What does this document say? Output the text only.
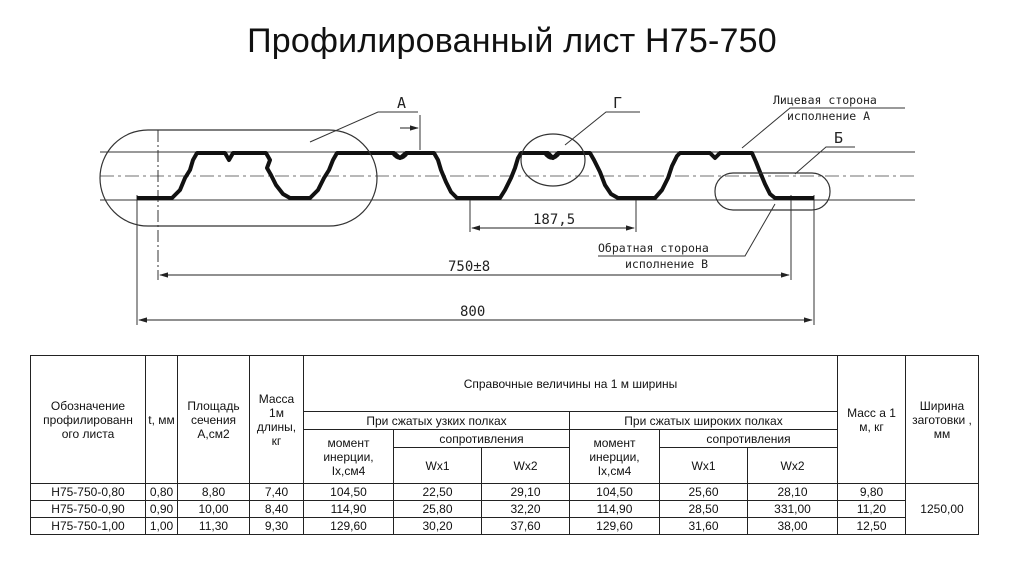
Профилированный лист Н75-750
А	Г
Б
Лицевая сторона
исполнение А
Обратная сторона
исполнение В
187,5
750±8
800
Обозначение профилированн ого листа	t, мм	Площадь сечения А,см2	Масса 1м длины, кг	Справочные величины на 1 м ширины						Масс а 1 м, кг	Ширина заготовки , мм
				При сжатых узких полках			При сжатых широких полках				
				момент инерции, Ix,см4	сопротивления		момент инерции, Ix,см4	сопротивления			
					Wx1	Wx2		Wx1	Wx2		
Н75-750-0,80	0,80	8,80	7,40	104,50	22,50	29,10	104,50	25,60	28,10	9,80	1250,00
Н75-750-0,90	0,90	10,00	8,40	114,90	25,80	32,20	114,90	28,50	331,00	11,20	
Н75-750-1,00	1,00	11,30	9,30	129,60	30,20	37,60	129,60	31,60	38,00	12,50	
